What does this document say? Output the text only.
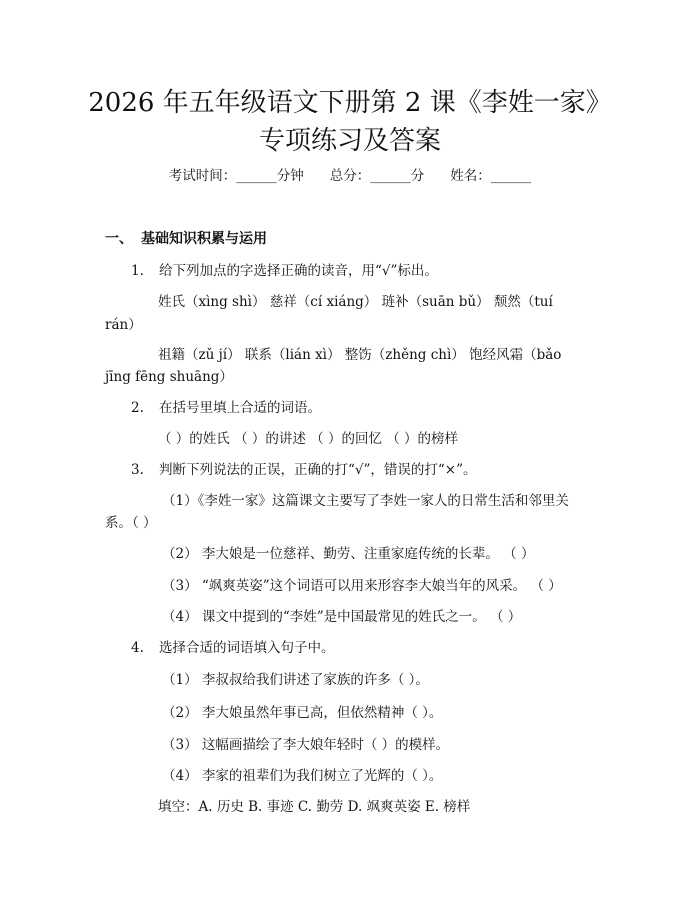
2026 年五年级语文下册第 2 课《李姓一家》
专项练习及答案
考试时间：______分钟 总分：______分 姓名：______
一、 基础知识积累与运用
1. 给下列加点的字选择正确的读音，用“√”标出。
姓氏（xìng shì） 慈祥（cí xiáng） 琏补（suān bǔ） 颓然（tuí
rán）
祖籍（zǔ jí） 联系（lián xì） 整饬（zhěng chì） 饱经风霜（bǎo
jīng fēng shuāng）
2. 在括号里填上合适的词语。
（ ）的姓氏 （ ）的讲述 （ ）的回忆 （ ）的榜样
3. 判断下列说法的正误，正确的打“√”，错误的打“×”。
（1）《李姓一家》这篇课文主要写了李姓一家人的日常生活和邻里关
系。（ ）
（2） 李大娘是一位慈祥、勤劳、注重家庭传统的长辈。 （ ）
（3） “飒爽英姿”这个词语可以用来形容李大娘当年的风采。 （ ）
（4） 课文中提到的“李姓”是中国最常见的姓氏之一。 （ ）
4. 选择合适的词语填入句子中。
（1） 李叔叔给我们讲述了家族的许多（ ）。
（2） 李大娘虽然年事已高，但依然精神（ ）。
（3） 这幅画描绘了李大娘年轻时（ ）的模样。
（4） 李家的祖辈们为我们树立了光辉的（ ）。
填空：A. 历史 B. 事迹 C. 勤劳 D. 飒爽英姿 E. 榜样
